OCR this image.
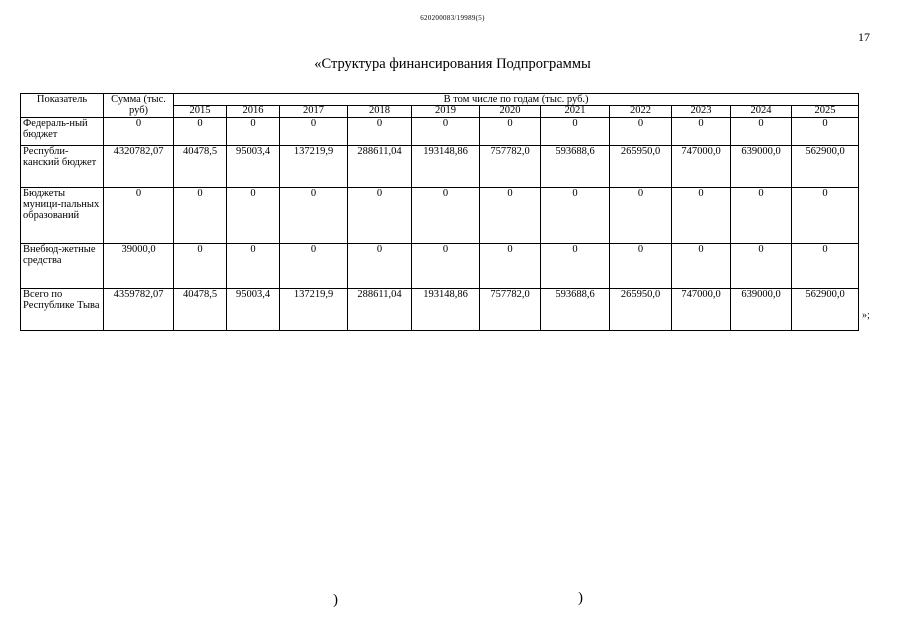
620200083/19989(5)
17
«Структура финансирования Подпрограммы
Показатель	Сумма (тыс. руб)	В том числе по годам (тыс. руб.)										
		2015	2016	2017	2018	2019	2020	2021	2022	2023	2024	2025
Федераль-ный бюджет	0	0	0	0	0	0	0	0	0	0	0	0
Республи-канский бюджет	4320782,07	40478,5	95003,4	137219,9	288611,04	193148,86	757782,0	593688,6	265950,0	747000,0	639000,0	562900,0
Бюджеты муници-пальных образований	0	0	0	0	0	0	0	0	0	0	0	0
Внебюд-жетные средства	39000,0	0	0	0	0	0	0	0	0	0	0	0
Всего по Республике Тыва	4359782,07	40478,5	95003,4	137219,9	288611,04	193148,86	757782,0	593688,6	265950,0	747000,0	639000,0	562900,0
»;
)	)
